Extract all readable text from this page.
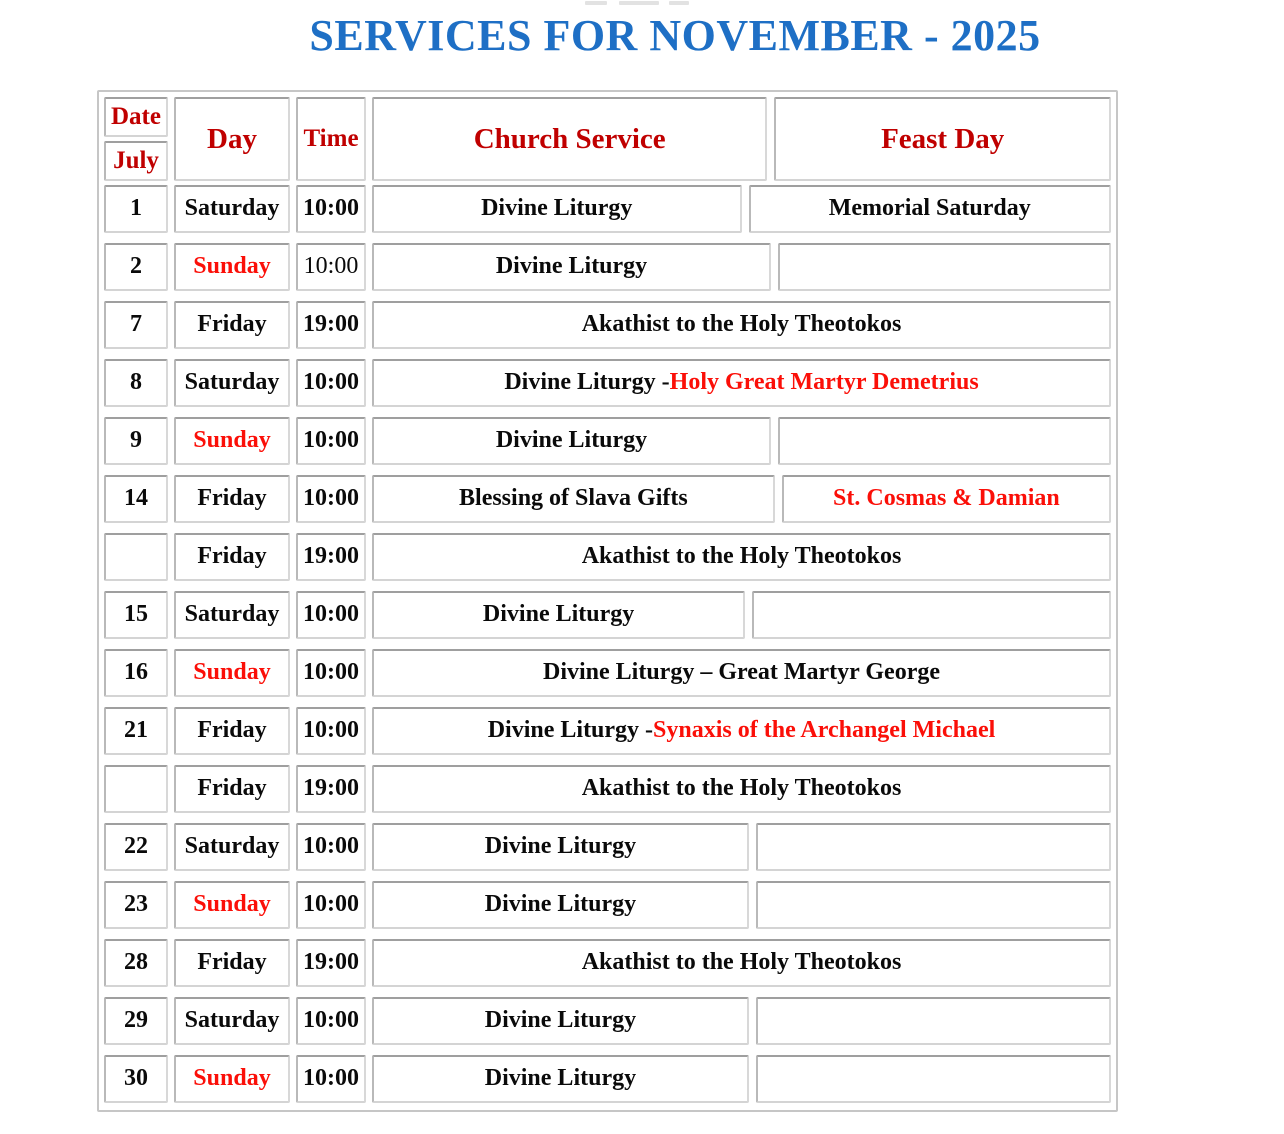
SERVICES FOR NOVEMBER - 2025
Date
July
Day	Time	Church Service	Feast Day
1	Saturday 10:00	Divine Liturgy	Memorial Saturday
2	Sunday	10:00	Divine Liturgy
7	Friday	19:00	Akathist to the Holy Theotokos
8	Saturday 10:00	Divine Liturgy - Holy Great Martyr Demetrius
9	Sunday	10:00	Divine Liturgy
14	Friday	10:00	Blessing of Slava Gifts	St. Cosmas & Damian
Friday	19:00	Akathist to the Holy Theotokos
15	Saturday 10:00	Divine Liturgy
16	Sunday	10:00	Divine Liturgy – Great Martyr George
21	Friday	10:00	Divine Liturgy - Synaxis of the Archangel Michael
Friday	19:00	Akathist to the Holy Theotokos
22	Saturday 10:00	Divine Liturgy
23	Sunday	10:00	Divine Liturgy
28	Friday	19:00	Akathist to the Holy Theotokos
29	Saturday 10:00	Divine Liturgy
30	Sunday	10:00	Divine Liturgy
